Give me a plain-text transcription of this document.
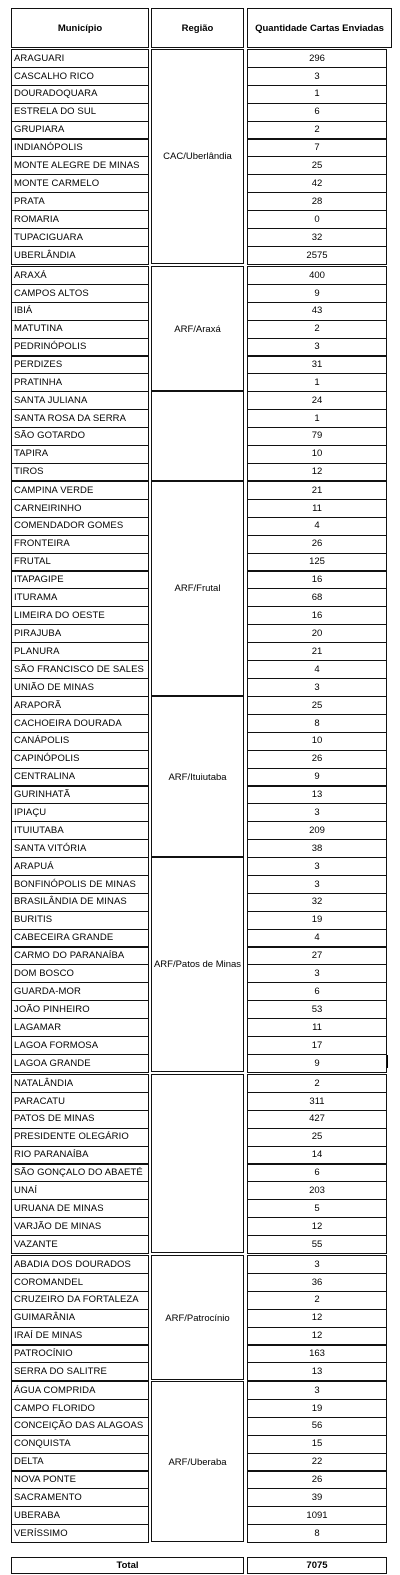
Município	Região	Quantidade Cartas Enviadas
CAC/Uberlândia
ARAGUARI	296
CASCALHO RICO	3
DOURADOQUARA	1
ESTRELA DO SUL	6
GRUPIARA	2
INDIANÓPOLIS	7
MONTE ALEGRE DE MINAS	25
MONTE CARMELO	42
PRATA	28
ROMARIA	0
TUPACIGUARA	32
UBERLÂNDIA	2575
ARF/Araxá
ARAXÁ	400
CAMPOS ALTOS	9
IBIÁ	43
MATUTINA	2
PEDRINÓPOLIS	3
PERDIZES	31
PRATINHA	1
SANTA JULIANA	24
SANTA ROSA DA SERRA	1
SÃO GOTARDO	79
TAPIRA	10
TIROS	12
ARF/Frutal
CAMPINA VERDE	21
CARNEIRINHO	11
COMENDADOR GOMES	4
FRONTEIRA	26
FRUTAL	125
ITAPAGIPE	16
ITURAMA	68
LIMEIRA DO OESTE	16
PIRAJUBA	20
PLANURA	21
SÃO FRANCISCO DE SALES	4
UNIÃO DE MINAS	3
ARF/Ituiutaba
ARAPORÃ	25
CACHOEIRA DOURADA	8
CANÁPOLIS	10
CAPINÓPOLIS	26
CENTRALINA	9
GURINHATÃ	13
IPIAÇU	3
ITUIUTABA	209
SANTA VITÓRIA	38
ARF/Patos de Minas
ARAPUÁ	3
BONFINÓPOLIS DE MINAS	3
BRASILÂNDIA DE MINAS	32
BURITIS	19
CABECEIRA GRANDE	4
CARMO DO PARANAÍBA	27
DOM BOSCO	3
GUARDA-MOR	6
JOÃO PINHEIRO	53
LAGAMAR	11
LAGOA FORMOSA	17
LAGOA GRANDE	9
NATALÂNDIA	2
PARACATU	311
PATOS DE MINAS	427
PRESIDENTE OLEGÁRIO	25
RIO PARANAÍBA	14
SÃO GONÇALO DO ABAETÉ	6
UNAÍ	203
URUANA DE MINAS	5
VARJÃO DE MINAS	12
VAZANTE	55
ARF/Patrocínio
ABADIA DOS DOURADOS	3
COROMANDEL	36
CRUZEIRO DA FORTALEZA	2
GUIMARÂNIA	12
IRAÍ DE MINAS	12
PATROCÍNIO	163
SERRA DO SALITRE	13
ARF/Uberaba
ÁGUA COMPRIDA	3
CAMPO FLORIDO	19
CONCEIÇÃO DAS ALAGOAS	56
CONQUISTA	15
DELTA	22
NOVA PONTE	26
SACRAMENTO	39
UBERABA	1091
VERÍSSIMO	8
Total	7075
